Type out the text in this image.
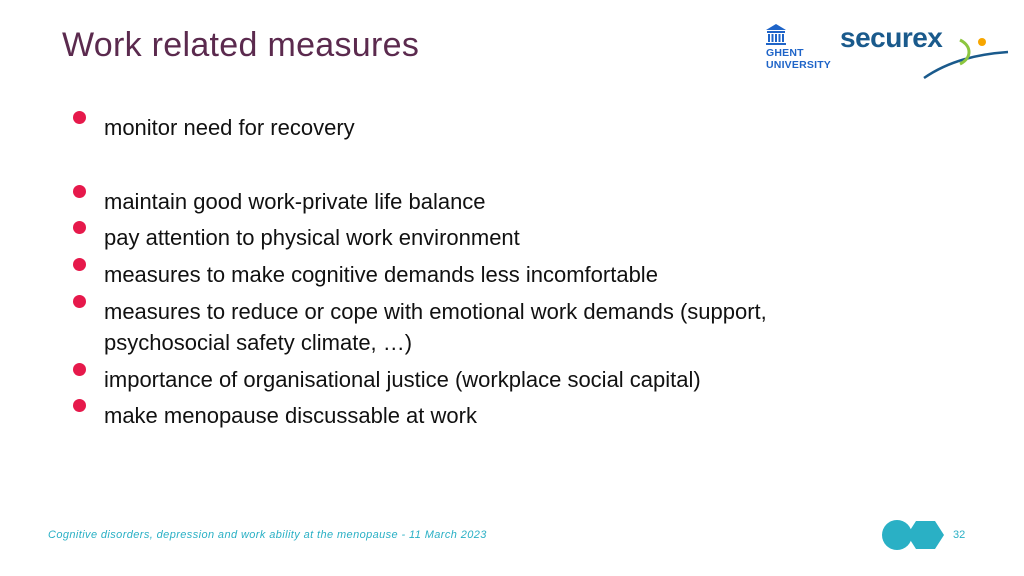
Work related measures	GHENT
UNIVERSITY
securex
monitor need for recovery
maintain good work-private life balance
pay attention to physical work environment
measures to make cognitive demands less incomfortable
measures to reduce or cope with emotional work demands (support, psychosocial safety climate, …)
importance of organisational justice (workplace social capital)
make menopause discussable at work
Cognitive disorders, depression and work ability at the menopause - 11 March 2023	32
